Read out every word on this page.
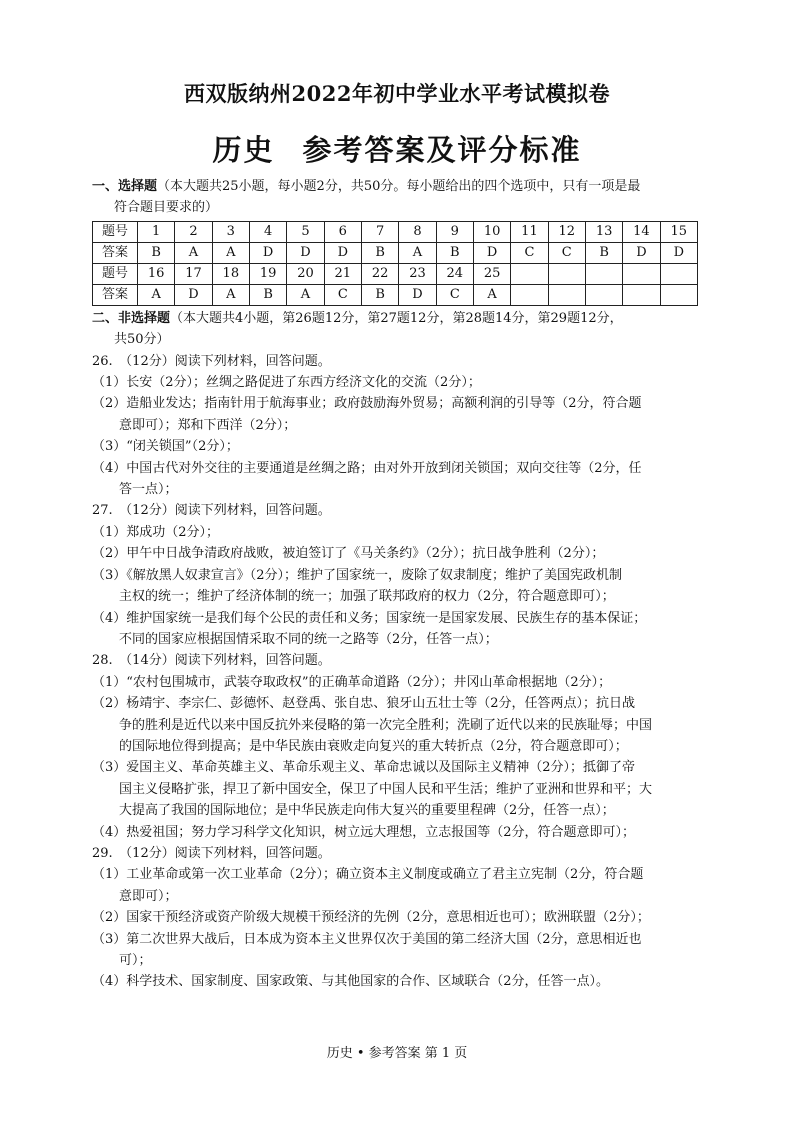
西双版纳州2022年初中学业水平考试模拟卷
历史 参考答案及评分标准
一、选择题（本大题共25小题，每小题2分，共50分。每小题给出的四个选项中，只有一项是最
符合题目要求的）
题号	1	2	3	4	5	6	7	8	9	10	11	12	13	14	15
答案	B	A	A	D	D	D	B	A	B	D	C	C	B	D	D
题号	16	17	18	19	20	21	22	23	24	25					
答案	A	D	A	B	A	C	B	D	C	A					
二、非选择题（本大题共4小题，第26题12分，第27题12分，第28题14分，第29题12分，
共50分）
26.　（12分）阅读下列材料，回答问题。
（1）长安（2分）；丝绸之路促进了东西方经济文化的交流（2分）；
（2）造船业发达；指南针用于航海事业；政府鼓励海外贸易；高额利润的引导等（2分，符合题
意即可）；郑和下西洋（2分）；
（3）“闭关锁国”（2分）；
（4）中国古代对外交往的主要通道是丝绸之路；由对外开放到闭关锁国；双向交往等（2分，任
答一点）；
27.　（12分）阅读下列材料，回答问题。
（1）郑成功（2分）；
（2）甲午中日战争清政府战败，被迫签订了《马关条约》（2分）；抗日战争胜利（2分）；
（3）《解放黑人奴隶宣言》（2分）；维护了国家统一，废除了奴隶制度；维护了美国宪政机制
主权的统一；维护了经济体制的统一；加强了联邦政府的权力（2分，符合题意即可）；
（4）维护国家统一是我们每个公民的责任和义务；国家统一是国家发展、民族生存的基本保证；
不同的国家应根据国情采取不同的统一之路等（2分，任答一点）；
28.　（14分）阅读下列材料，回答问题。
（1）“农村包围城市，武装夺取政权”的正确革命道路（2分）；井冈山革命根据地（2分）；
（2）杨靖宇、李宗仁、彭德怀、赵登禹、张自忠、狼牙山五壮士等（2分，任答两点）；抗日战
争的胜利是近代以来中国反抗外来侵略的第一次完全胜利；洗刷了近代以来的民族耻辱；中国
的国际地位得到提高；是中华民族由衰败走向复兴的重大转折点（2分，符合题意即可）；
（3）爱国主义、革命英雄主义、革命乐观主义、革命忠诚以及国际主义精神（2分）；抵御了帝
国主义侵略扩张，捍卫了新中国安全，保卫了中国人民和平生活；维护了亚洲和世界和平；大
大提高了我国的国际地位；是中华民族走向伟大复兴的重要里程碑（2分，任答一点）；
（4）热爱祖国；努力学习科学文化知识，树立远大理想，立志报国等（2分，符合题意即可）；
29.　（12分）阅读下列材料，回答问题。
（1）工业革命或第一次工业革命（2分）；确立资本主义制度或确立了君主立宪制（2分，符合题
意即可）；
（2）国家干预经济或资产阶级大规模干预经济的先例（2分，意思相近也可）；欧洲联盟（2分）；
（3）第二次世界大战后，日本成为资本主义世界仅次于美国的第二经济大国（2分，意思相近也
可）；
（4）科学技术、国家制度、国家政策、与其他国家的合作、区域联合（2分，任答一点）。
历史 • 参考答案 第 1 页
